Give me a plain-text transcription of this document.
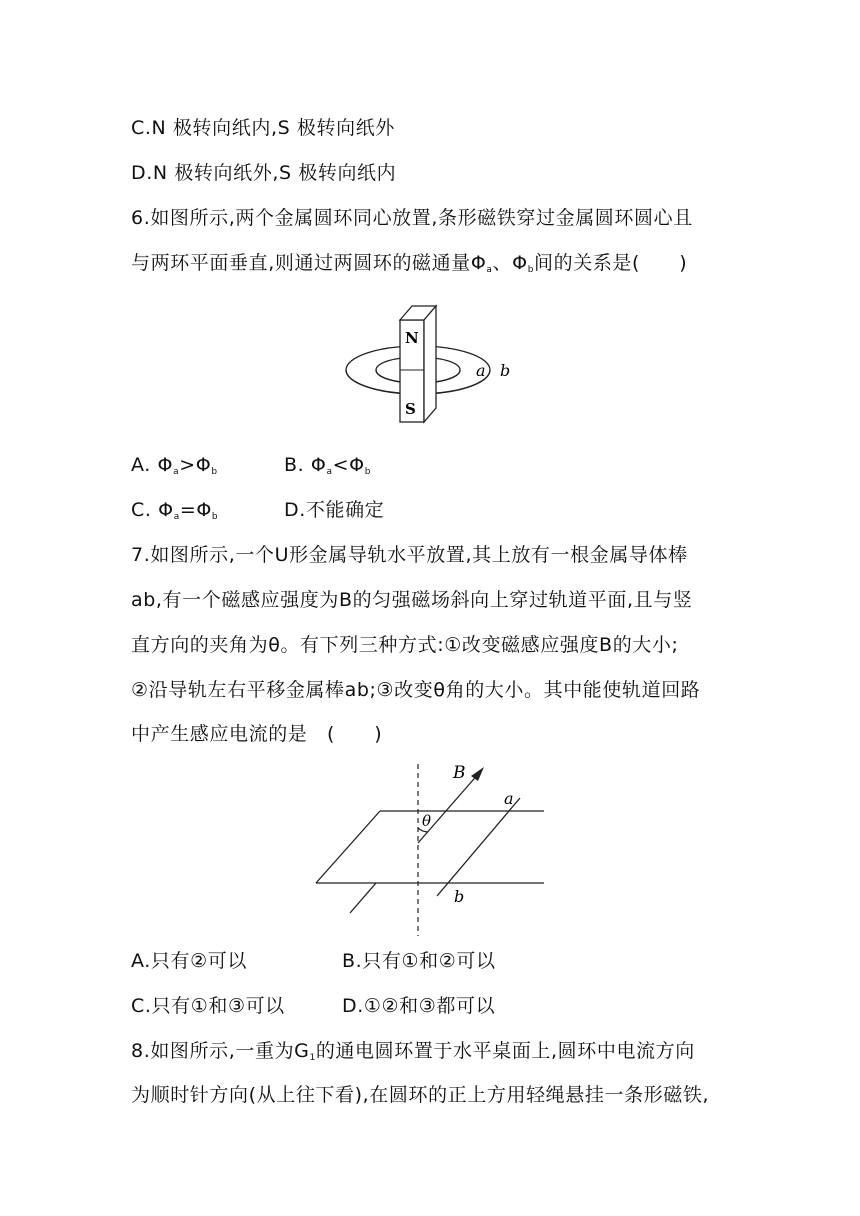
C.N 极转向纸内,S 极转向纸外
D.N 极转向纸外,S 极转向纸内
6.如图所示,两个金属圆环同心放置,条形磁铁穿过金属圆环圆心且
与两环平面垂直,则通过两圆环的磁通量$\Phi_a$、$\Phi_b$间的关系是(　　)
N
S
a b
A. $\Phi_a>\Phi_b$	B. $\Phi_a<\Phi_b$
C. $\Phi_a=\Phi_b$	D.不能确定
7.如图所示,一个U形金属导轨水平放置,其上放有一根金属导体棒
ab,有一个磁感应强度为B的匀强磁场斜向上穿过轨道平面,且与竖
直方向的夹角为θ。有下列三种方式:①改变磁感应强度B的大小;
②沿导轨左右平移金属棒ab;③改变θ角的大小。其中能使轨道回路
中产生感应电流的是　(　　)
B
θ
a
b
A.只有②可以	B.只有①和②可以
C.只有①和③可以	D.①②和③都可以
8.如图所示,一重为$G_1$的通电圆环置于水平桌面上,圆环中电流方向
为顺时针方向(从上往下看),在圆环的正上方用轻绳悬挂一条形磁铁,
